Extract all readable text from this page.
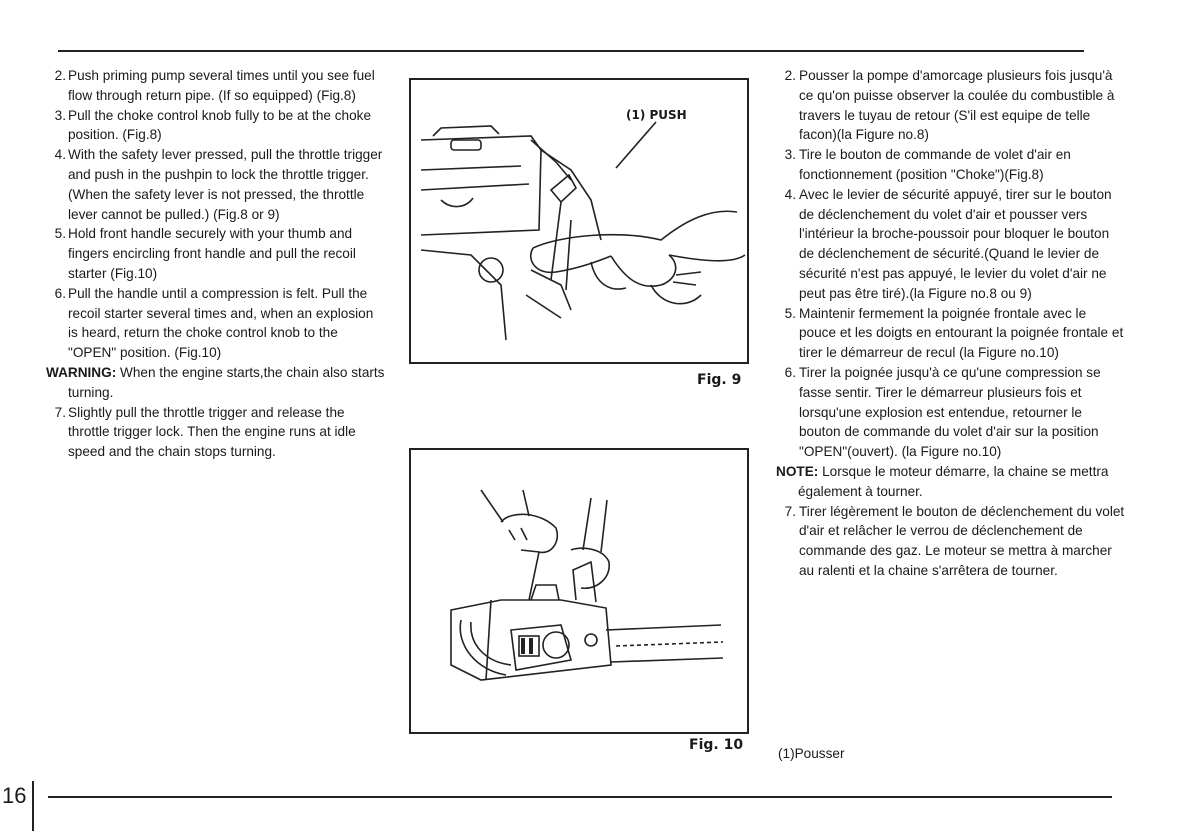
2. Push priming pump several times until you see fuel flow through return pipe. (If so equipped) (Fig.8)
3. Pull the choke control knob fully to be at the choke position. (Fig.8)
4. With the safety lever pressed, pull the throttle trigger and push in the pushpin to lock the throttle trigger. (When the safety lever is not pressed, the throttle lever cannot be pulled.) (Fig.8 or 9)
5. Hold front handle securely with your thumb and fingers encircling front handle and pull the recoil starter (Fig.10)
6. Pull the handle until a compression is felt. Pull the recoil starter several times and, when an explosion is heard, return the choke control knob to the "OPEN" position. (Fig.10)
WARNING: When the engine starts,the chain also starts turning.
7. Slightly pull the throttle trigger and release the throttle trigger lock. Then the engine runs at idle speed and the chain stops turning.
(1) PUSH
Fig. 9
Fig. 10
2. Pousser la pompe d'amorcage plusieurs fois jusqu'à ce qu'on puisse observer la coulée du combustible à travers le tuyau de retour (S'il est equipe de telle facon)(la Figure no.8)
3. Tire le bouton de commande de volet d'air en fonctionnement (position "Choke")(Fig.8)
4. Avec le levier de sécurité appuyé, tirer sur le bouton de déclenchement du volet d'air et pousser vers l'intérieur la broche-poussoir pour bloquer le bouton de déclenchement de sécurité.(Quand le levier de sécurité n'est pas appuyé, le levier du volet d'air ne peut pas être tiré).(la Figure no.8 ou 9)
5. Maintenir fermement la poignée frontale avec le pouce et les doigts en entourant la poignée frontale et tirer le démarreur de recul (la Figure no.10)
6. Tirer la poignée jusqu'à ce qu'une compression se fasse sentir. Tirer le démarreur plusieurs fois et lorsqu'une explosion est entendue, retourner le bouton de commande du volet d'air sur la position "OPEN"(ouvert). (la Figure no.10)
NOTE: Lorsque le moteur démarre, la chaine se mettra également à tourner.
7. Tirer légèrement le bouton de déclenchement du volet d'air et relâcher le verrou de déclenchement de commande des gaz. Le moteur se mettra à marcher au ralenti et la chaine s'arrêtera de tourner.
(1)Pousser
16
